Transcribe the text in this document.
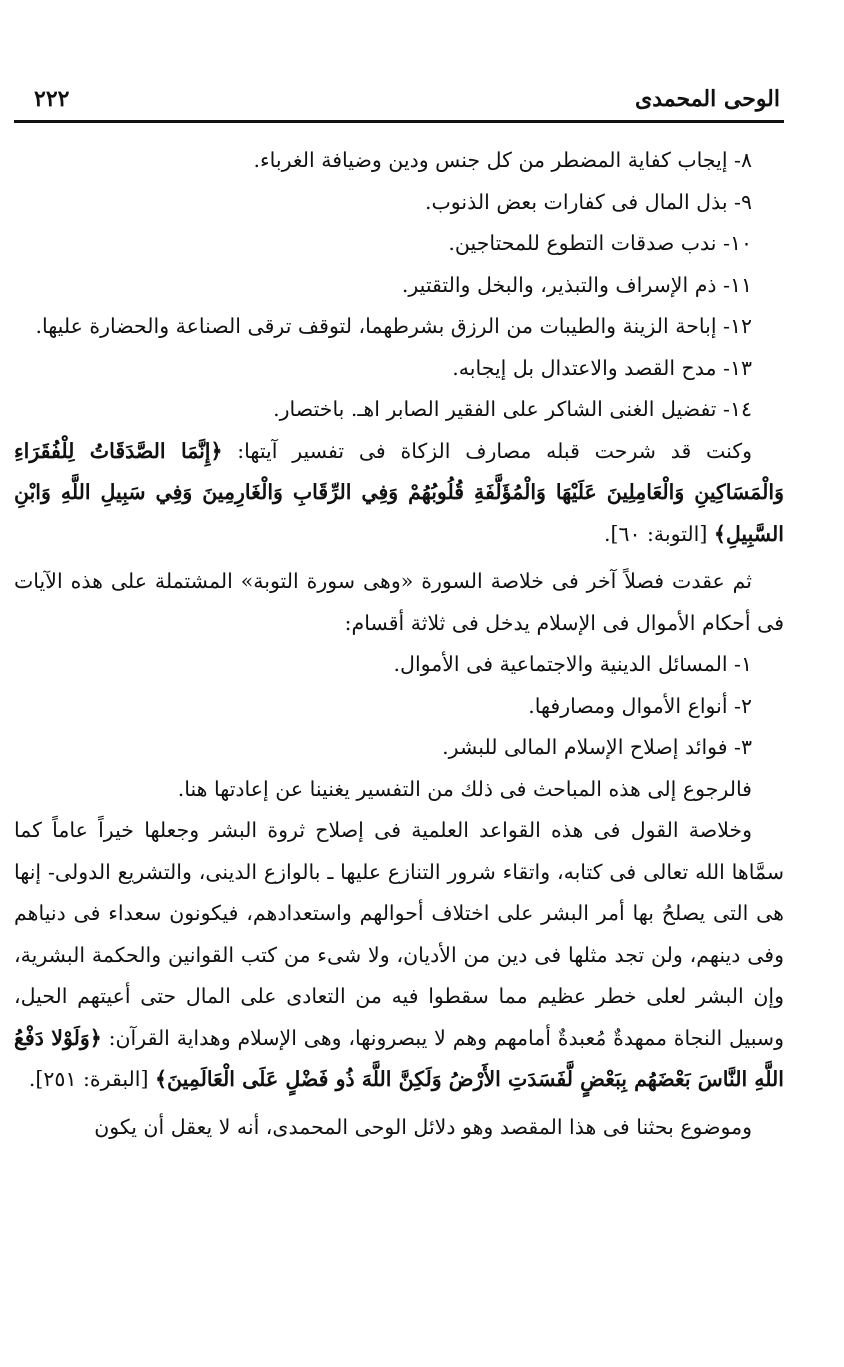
الوحى المحمدى
٢٢٢

٨- إيجاب كفاية المضطر من كل جنس ودين وضيافة الغرباء.

٩- بذل المال فى كفارات بعض الذنوب.

١٠- ندب صدقات التطوع للمحتاجين.

١١- ذم الإسراف والتبذير، والبخل والتقتير.

١٢- إباحة الزينة والطيبات من الرزق بشرطهما، لتوقف ترقى الصناعة والحضارة عليها.

١٣- مدح القصد والاعتدال بل إيجابه.

١٤- تفضيل الغنى الشاكر على الفقير الصابر اهـ. باختصار.

وكنت قد شرحت قبله مصارف الزكاة فى تفسير آيتها: ﴿إِنَّمَا الصَّدَقَاتُ لِلْفُقَرَاءِ وَالْمَسَاكِينِ وَالْعَامِلِينَ عَلَيْهَا وَالْمُؤَلَّفَةِ قُلُوبُهُمْ وَفِي الرِّقَابِ وَالْغَارِمِينَ وَفِي سَبِيلِ اللَّهِ وَابْنِ السَّبِيلِ﴾ [التوبة: ٦٠].

ثم عقدت فصلاً آخر فى خلاصة السورة «وهى سورة التوبة» المشتملة على هذه الآيات فى أحكام الأموال فى الإسلام يدخل فى ثلاثة أقسام:

١- المسائل الدينية والاجتماعية فى الأموال.

٢- أنواع الأموال ومصارفها.

٣- فوائد إصلاح الإسلام المالى للبشر.

فالرجوع إلى هذه المباحث فى ذلك من التفسير يغنينا عن إعادتها هنا.

وخلاصة القول فى هذه القواعد العلمية فى إصلاح ثروة البشر وجعلها خيراً عاماً كما سمَّاها الله تعالى فى كتابه، واتقاء شرور التنازع عليها ـ بالوازع الدينى، والتشريع الدولى- إنها هى التى يصلحُ بها أمر البشر على اختلاف أحوالهم واستعدادهم، فيكونون سعداء فى دنياهم وفى دينهم، ولن تجد مثلها فى دين من الأديان، ولا شىء من كتب القوانين والحكمة البشرية، وإن البشر لعلى خطر عظيم مما سقطوا فيه من التعادى على المال حتى أعيتهم الحيل، وسبيل النجاة ممهدةٌ مُعبدةٌ أمامهم وهم لا يبصرونها، وهى الإسلام وهداية القرآن: ﴿وَلَوْلا دَفْعُ اللَّهِ النَّاسَ بَعْضَهُم بِبَعْضٍ لَّفَسَدَتِ الأَرْضُ وَلَكِنَّ اللَّهَ ذُو فَضْلٍ عَلَى الْعَالَمِينَ﴾ [البقرة: ٢٥١].

وموضوع بحثنا فى هذا المقصد وهو دلائل الوحى المحمدى، أنه لا يعقل أن يكون
